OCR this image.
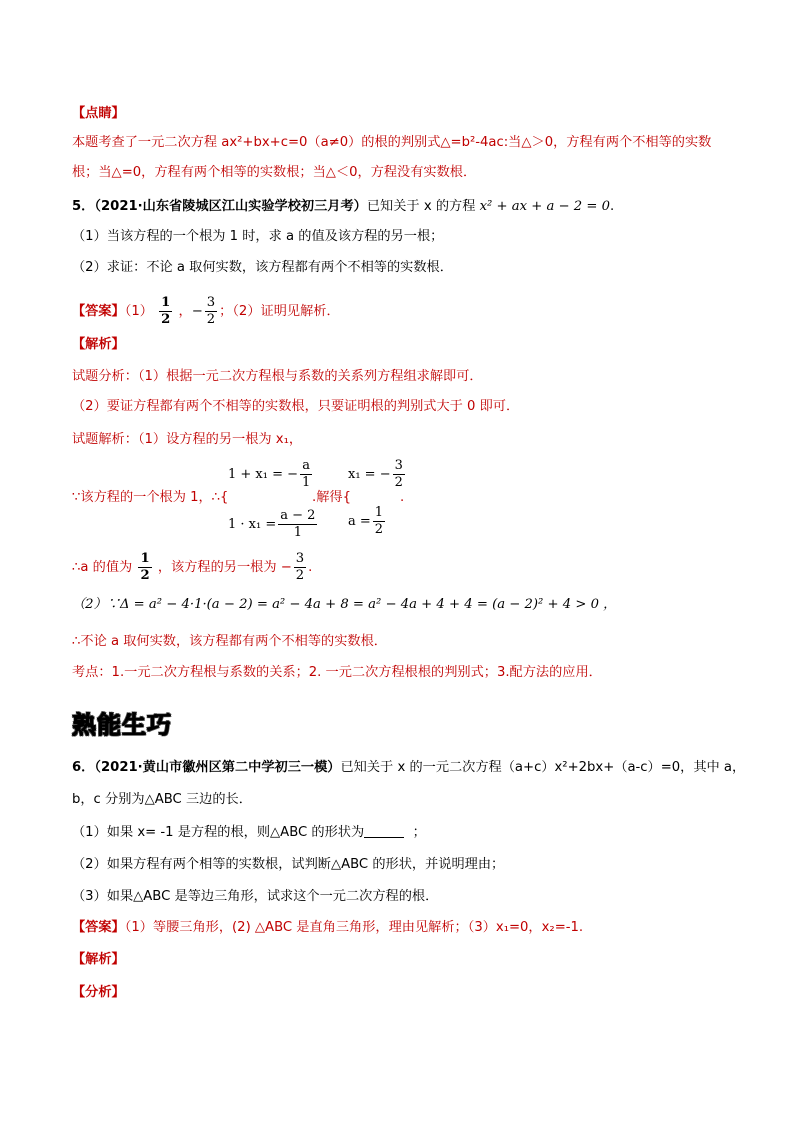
【点睛】
本题考查了一元二次方程 ax²+bx+c=0（a≠0）的根的判别式△=b²-4ac:当△＞0，方程有两个不相等的实数
根；当△=0，方程有两个相等的实数根；当△＜0，方程没有实数根．
5．（2021·山东省陵城区江山实验学校初三月考）已知关于 x 的方程 x² + ax + a − 2 = 0.
（1）当该方程的一个根为 1 时，求 a 的值及该方程的另一根；
（2）求证：不论 a 取何实数，该方程都有两个不相等的实数根．
【答案】$(1) \frac{1}{2}$ ，− $\frac{3}{2}$ ；（2）证明见解析．
【解析】
试题分析：（1）根据一元二次方程根与系数的关系列方程组求解即可．
（2）要证方程都有两个不相等的实数根，只要证明根的判别式大于 0 即可．
试题解析：（1）设方程的另一根为 x₁，
∵该方程的一个根为 1，∴{
1 + x₁ = − $\frac{a}{1}$
$1 \cdot x_1 = \frac{a - 2}{1}$
.解得{
x₁ = − $\frac{3}{2}$
$a = \frac{1}{2}$
.
∴a 的值为 $\frac{1}{2}$ ，该方程的另一根为 − $\frac{3}{2}$ .
（2）∵Δ = a² − 4·1·(a − 2) = a² − 4a + 8 = a² − 4a + 4 + 4 = (a − 2)² + 4 > 0 ，
∴不论 a 取何实数，该方程都有两个不相等的实数根．
考点：1.一元二次方程根与系数的关系；2. 一元二次方程根根的判别式；3.配方法的应用．
熟能生巧
6．（2021·黄山市徽州区第二中学初三一模）已知关于 x 的一元二次方程（a+c）x²+2bx+（a-c）=0，其中 a，
b，c 分别为△ABC 三边的长．
（1）如果 x= -1 是方程的根，则△ABC 的形状为	；
（2）如果方程有两个相等的实数根，试判断△ABC 的形状，并说明理由；
（3）如果△ABC 是等边三角形，试求这个一元二次方程的根．
【答案】（1）等腰三角形，(2) △ABC 是直角三角形，理由见解析；（3）x₁=0，x₂=-1.
【解析】
【分析】
